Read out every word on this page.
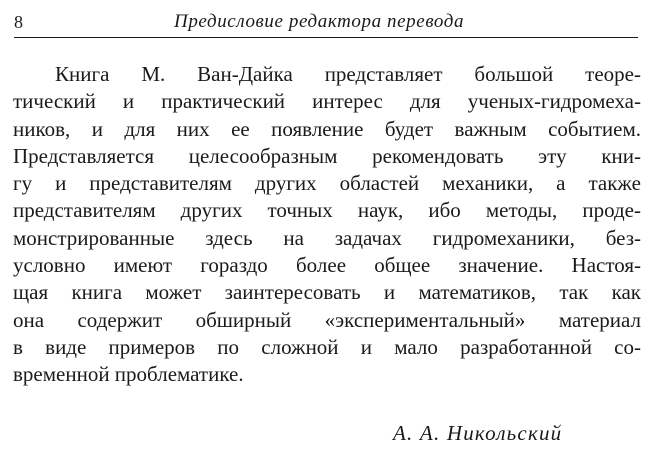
8	Предисловие редактора перевода
Книга М. Ван-Дайка представляет большой теоре-
тический и практический интерес для ученых-гидромеха-
ников, и для них ее появление будет важным событием.
Представляется целесообразным рекомендовать эту кни-
гу и представителям других областей механики, а также
представителям других точных наук, ибо методы, проде-
монстрированные здесь на задачах гидромеханики, без-
условно имеют гораздо более общее значение. Настоя-
щая книга может заинтересовать и математиков, так как
она содержит обширный «экспериментальный» материал
в виде примеров по сложной и мало разработанной со-
временной проблематике.
А. А. Никольский
